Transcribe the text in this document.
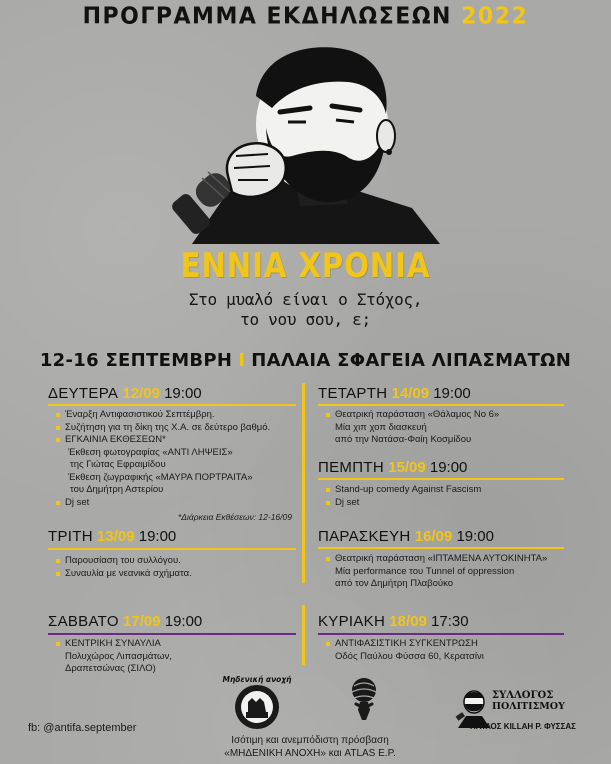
ΠΡΟΓΡΑΜΜΑ ΕΚΔΗΛΩΣΕΩΝ 2022
ΕΝΝΙΑ ΧΡΟΝΙΑ
Στο μυαλό είναι ο Στόχος,
το νου σου, ε;
12-16 ΣΕΠΤΕΜΒΡΗ I ΠΑΛΑΙΑ ΣΦΑΓΕΙΑ ΛΙΠΑΣΜΑΤΩΝ
ΔΕΥΤΕΡΑ 12/09 19:00
Έναρξη Αντιφασιστικού Σεπτέμβρη.
Συζήτηση για τη δίκη της Χ.Α. σε δεύτερο βαθμό.
ΕΓΚΑΙΝΙΑ ΕΚΘΕΣΕΩΝ*
Έκθεση φωτογραφίας «ΑΝΤΙ ΛΗΨΕΙΣ»
της Γιώτας Εφραιμίδου
Έκθεση ζωγραφικής «ΜΑΥΡΑ ΠΟΡΤΡΑΙΤΑ»
του Δημήτρη Αστερίου
Dj set
*Διάρκεια Εκθέσεων: 12-16/09
ΤΡΙΤΗ 13/09 19:00
Παρουσίαση του συλλόγου.
Συναυλία με νεανικά σχήματα.
ΤΕΤΑΡΤΗ 14/09 19:00
Θεατρική παράσταση «Θάλαμος Νο 6»
Μία χιπ χοπ διασκευή
από την Νατάσα-Φαίη Κοσμίδου
ΠΕΜΠΤΗ 15/09 19:00
Stand-up comedy Against Fascism
Dj set
ΠΑΡΑΣΚΕΥΗ 16/09 19:00
Θεατρική παράσταση «ΙΠΤΑΜΕΝΑ ΑΥΤΟΚΙΝΗΤΑ»
Μία performance του Tunnel of oppression
από τον Δημήτρη Πλαβούκο
ΣΑΒΒΑΤΟ 17/09 19:00
ΚΕΝΤΡΙΚΗ ΣΥΝΑΥΛΙΑ
Πολυχώρος Λιπασμάτων,
Δραπετσώνας (ΣΙΛΟ)
ΚΥΡΙΑΚΗ 18/09 17:30
ΑΝΤΙΦΑΣΙΣΤΙΚΗ ΣΥΓΚΕΝΤΡΩΣΗ
Οδός Παύλου Φύσσα 60, Κερατσίνι
Μηδενική ανοχή
ΣΥΛΛΟΓΟΣ
ΠΟΛΙΤΙΣΜΟΥ
ΠΑΥΛΟΣ KILLAH P. ΦΥΣΣΑΣ
fb: @antifa.september
Ισότιμη και ανεμπόδιστη πρόσβαση
«ΜΗΔΕΝΙΚΗ ΑΝΟΧΗ» και ATLAS E.P.
